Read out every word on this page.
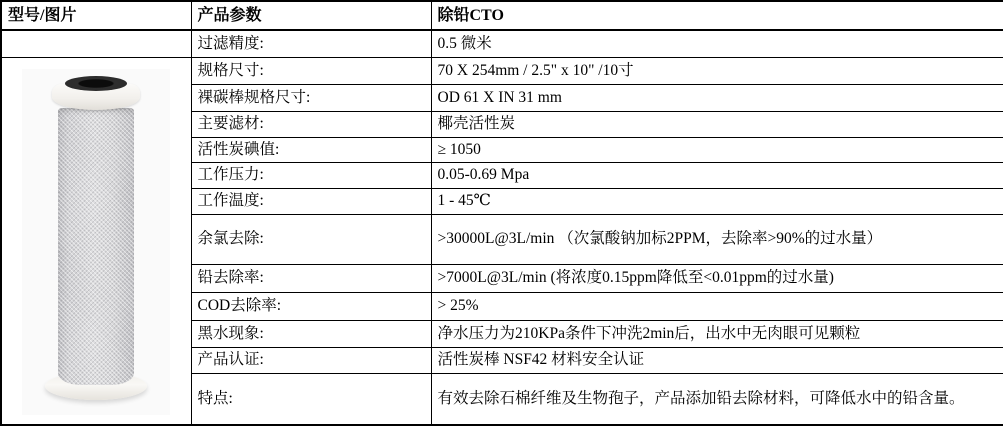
型号/图片	产品参数	除铅CTO
	过滤精度:	0.5 微米

	规格尺寸:	70 X 254mm / 2.5" x 10" /10寸
	裸碳棒规格尺寸:	OD 61 X IN 31 mm
	主要滤材:	椰壳活性炭
	活性炭碘值:	≥ 1050
	工作压力:	0.05-0.69 Mpa
	工作温度:	1 - 45℃
	余氯去除:	>30000L@3L/min （次氯酸钠加标2PPM，去除率>90%的过水量）
	铅去除率:	>7000L@3L/min (将浓度0.15ppm降低至<0.01ppm的过水量)
	COD去除率:	> 25%
	黑水现象:	净水压力为210KPa条件下冲洗2min后，出水中无肉眼可见颗粒
	产品认证:	活性炭棒 NSF42 材料安全认证
	特点:	有效去除石棉纤维及生物孢子，产品添加铅去除材料，可降低水中的铅含量。
